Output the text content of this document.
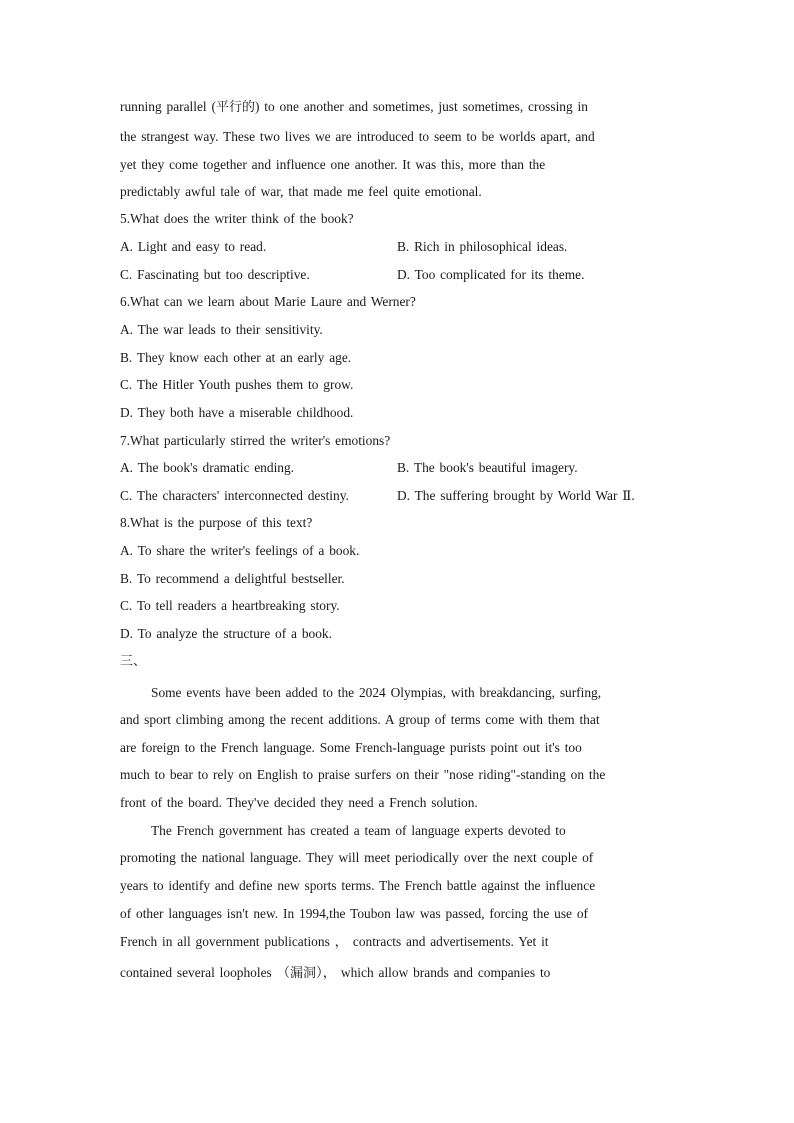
running parallel (平行的) to one another and sometimes, just sometimes, crossing in
the strangest way. These two lives we are introduced to seem to be worlds apart, and
yet they come together and influence one another. It was this, more than the
predictably awful tale of war, that made me feel quite emotional.
5.What does the writer think of the book?
A. Light and easy to read.	B. Rich in philosophical ideas.
C. Fascinating but too descriptive.	D. Too complicated for its theme.
6.What can we learn about Marie Laure and Werner?
A. The war leads to their sensitivity.
B. They know each other at an early age.
C. The Hitler Youth pushes them to grow.
D. They both have a miserable childhood.
7.What particularly stirred the writer's emotions?
A. The book's dramatic ending.	B. The book's beautiful imagery.
C. The characters' interconnected destiny.	D. The suffering brought by World War Ⅱ.
8.What is the purpose of this text?
A. To share the writer's feelings of a book.
B. To recommend a delightful bestseller.
C. To tell readers a heartbreaking story.
D. To analyze the structure of a book.
三、
Some events have been added to the 2024 Olympias, with breakdancing, surfing,
and sport climbing among the recent additions. A group of terms come with them that
are foreign to the French language. Some French-language purists point out it's too
much to bear to rely on English to praise surfers on their "nose riding"-standing on the
front of the board. They've decided they need a French solution.
The French government has created a team of language experts devoted to
promoting the national language. They will meet periodically over the next couple of
years to identify and define new sports terms. The French battle against the influence
of other languages isn't new. In 1994,the Toubon law was passed, forcing the use of
French in all government publications ， contracts and advertisements. Yet it
contained several loopholes （漏洞）， which allow brands and companies to
